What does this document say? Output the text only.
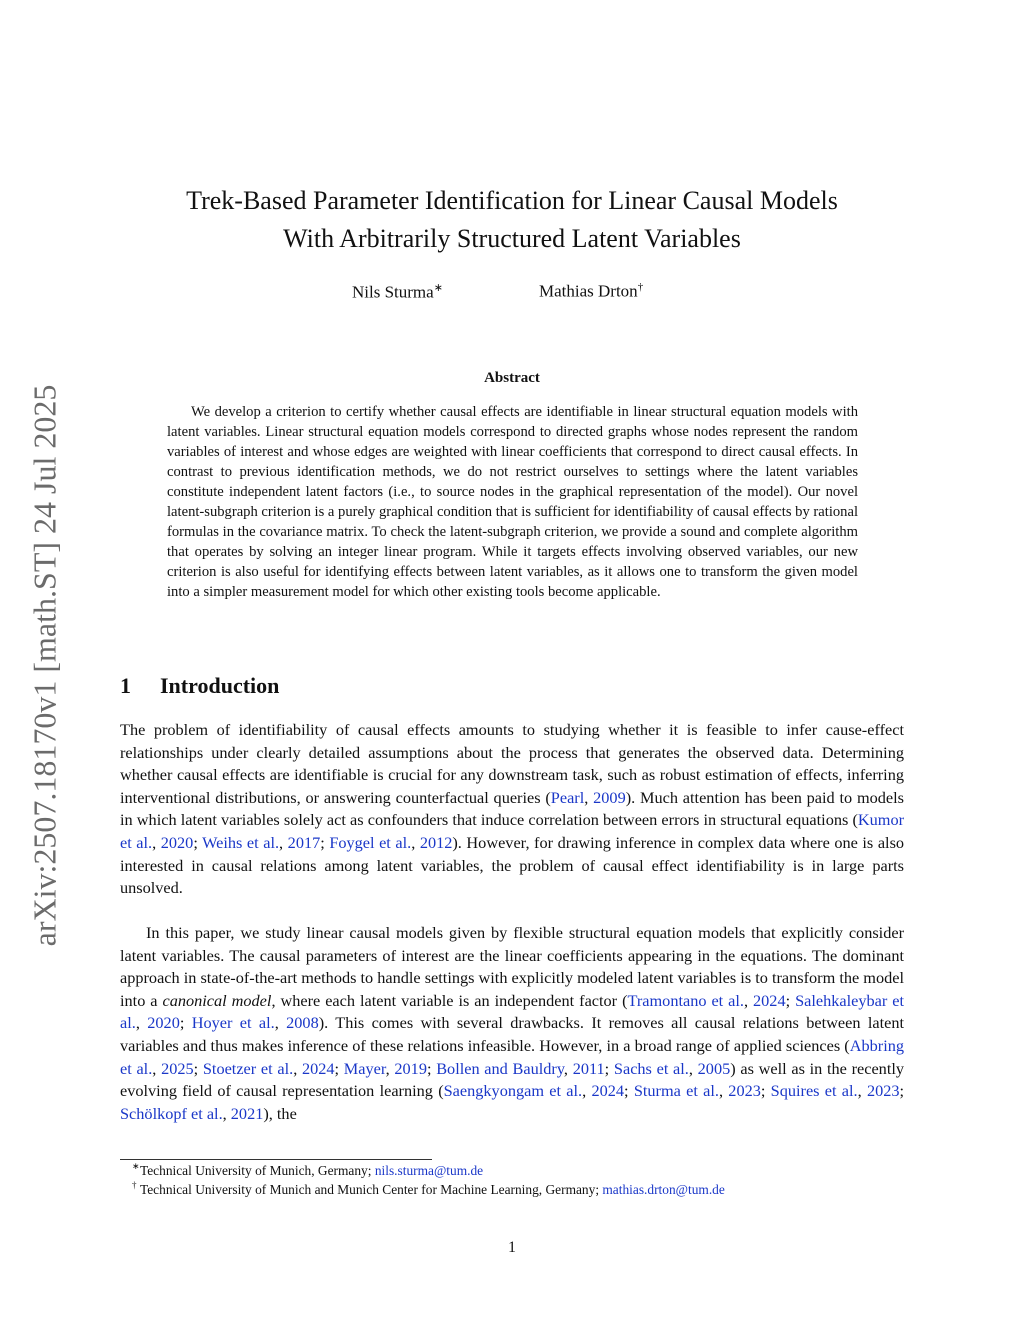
arXiv:2507.18170v1 [math.ST] 24 Jul 2025
Trek-Based Parameter Identification for Linear Causal Models
With Arbitrarily Structured Latent Variables
Nils Sturma∗	Mathias Drton†
Abstract

We develop a criterion to certify whether causal effects are identifiable in linear structural equation models with latent variables. Linear structural equation models correspond to directed graphs whose nodes represent the random variables of interest and whose edges are weighted with linear coefficients that correspond to direct causal effects. In contrast to previous identification methods, we do not restrict ourselves to settings where the latent variables constitute independent latent factors (i.e., to source nodes in the graphical representation of the model). Our novel latent-subgraph criterion is a purely graphical condition that is sufficient for identifiability of causal effects by rational formulas in the covariance matrix. To check the latent-subgraph criterion, we provide a sound and complete algorithm that operates by solving an integer linear program. While it targets effects involving observed variables, our new criterion is also useful for identifying effects between latent variables, as it allows one to transform the given model into a simpler measurement model for which other existing tools become applicable.

1 Introduction

The problem of identifiability of causal effects amounts to studying whether it is feasible to infer cause-effect relationships under clearly detailed assumptions about the process that generates the observed data. Determining whether causal effects are identifiable is crucial for any downstream task, such as robust estimation of effects, inferring interventional distributions, or answering counterfactual queries (Pearl, 2009). Much attention has been paid to models in which latent variables solely act as confounders that induce correlation between errors in structural equations (Kumor et al., 2020; Weihs et al., 2017; Foygel et al., 2012). However, for drawing inference in complex data where one is also interested in causal relations among latent variables, the problem of causal effect identifiability is in large parts unsolved.

In this paper, we study linear causal models given by flexible structural equation models that explicitly consider latent variables. The causal parameters of interest are the linear coefficients appearing in the equations. The dominant approach in state-of-the-art methods to handle settings with explicitly modeled latent variables is to transform the model into a canonical model, where each latent variable is an independent factor (Tramontano et al., 2024; Salehkaleybar et al., 2020; Hoyer et al., 2008). This comes with several drawbacks. It removes all causal relations between latent variables and thus makes inference of these relations infeasible. However, in a broad range of applied sciences (Abbring et al., 2025; Stoetzer et al., 2024; Mayer, 2019; Bollen and Bauldry, 2011; Sachs et al., 2005) as well as in the recently evolving field of causal representation learning (Saengkyongam et al., 2024; Sturma et al., 2023; Squires et al., 2023; Schölkopf et al., 2021), the

∗ Technical University of Munich, Germany; nils.sturma@tum.de
† Technical University of Munich and Munich Center for Machine Learning, Germany; mathias.drton@tum.de
1
